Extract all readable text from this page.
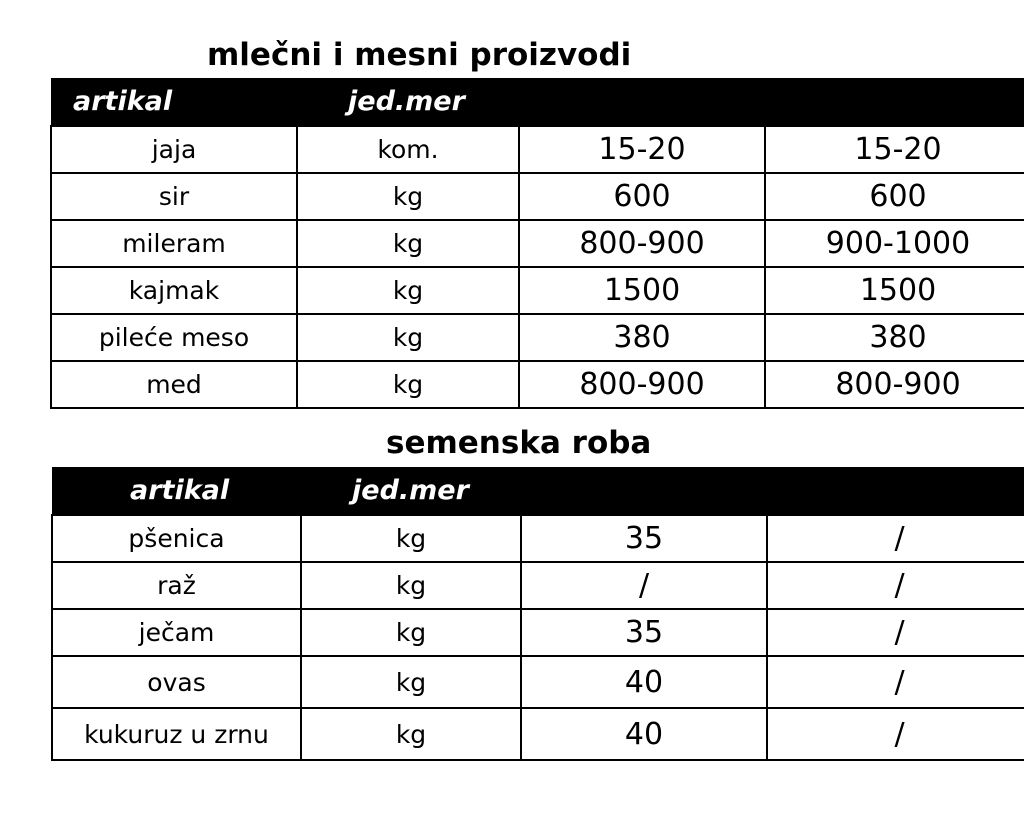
mlečni i mesni proizvodi
artikal	jed.mer		
jaja	kom.	15-20	15-20
sir	kg	600	600
mileram	kg	800-900	900-1000
kajmak	kg	1500	1500
pileće meso	kg	380	380
med	kg	800-900	800-900
semenska roba
artikal	jed.mer		
pšenica	kg	35	/
raž	kg	/	/
ječam	kg	35	/
ovas	kg	40	/
kukuruz u zrnu	kg	40	/
